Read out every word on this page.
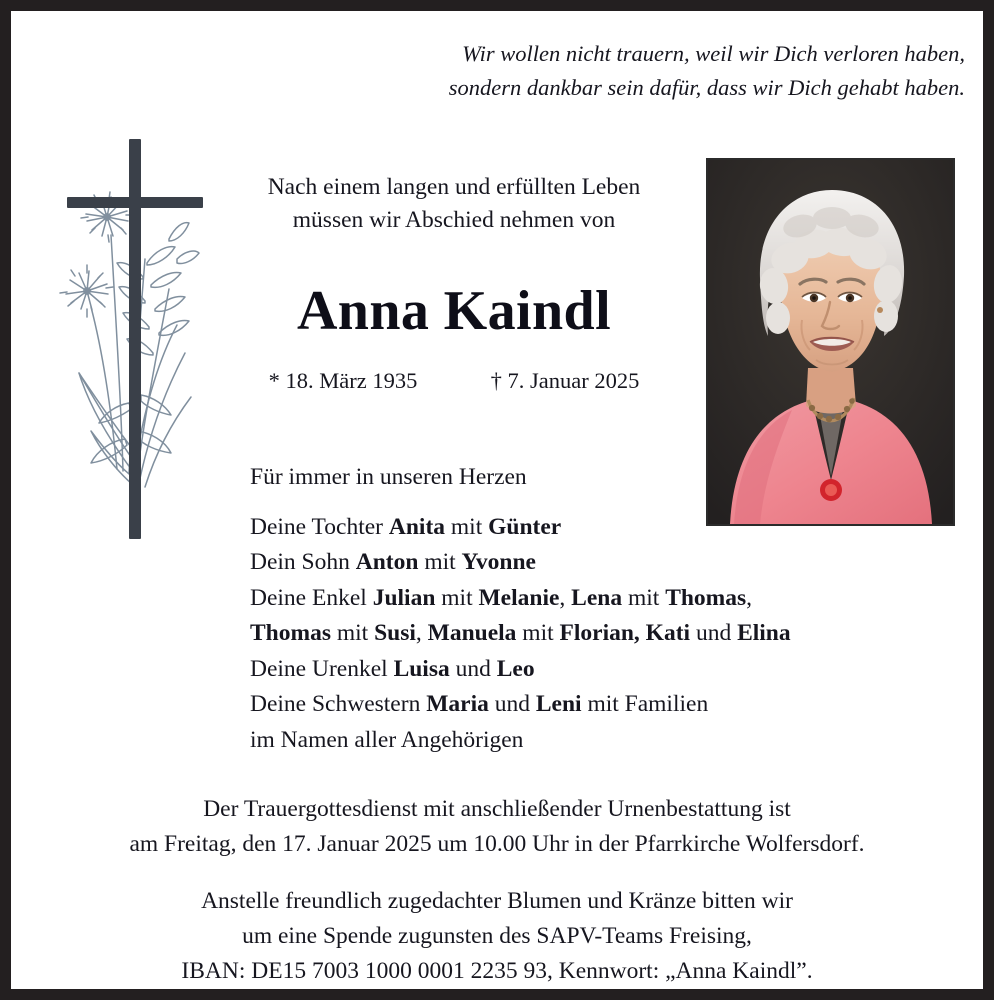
Wir wollen nicht trauern, weil wir Dich verloren haben,
sondern dankbar sein dafür, dass wir Dich gehabt haben.
Nach einem langen und erfüllten Leben
müssen wir Abschied nehmen von
Anna Kaindl
* 18. März 1935	† 7. Januar 2025
Für immer in unseren Herzen
Deine Tochter Anita mit Günter
Dein Sohn Anton mit Yvonne
Deine Enkel Julian mit Melanie, Lena mit Thomas,
Thomas mit Susi, Manuela mit Florian, Kati und Elina
Deine Urenkel Luisa und Leo
Deine Schwestern Maria und Leni mit Familien
im Namen aller Angehörigen
Der Trauergottesdienst mit anschließender Urnenbestattung ist
am Freitag, den 17. Januar 2025 um 10.00 Uhr in der Pfarrkirche Wolfersdorf.
Anstelle freundlich zugedachter Blumen und Kränze bitten wir
um eine Spende zugunsten des SAPV-Teams Freising,
IBAN: DE15 7003 1000 0001 2235 93, Kennwort: „Anna Kaindl”.
